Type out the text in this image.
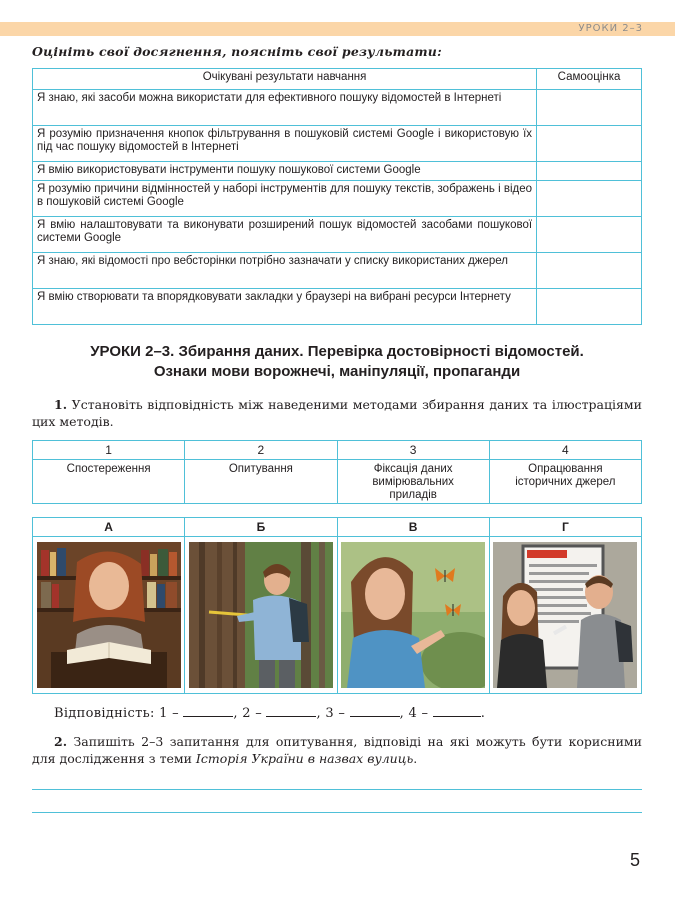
УРОКИ 2–3
Оцініть свої досягнення, поясніть свої результати:
Очікувані результати навчання	Самооцінка
Я знаю, які засоби можна використати для ефективного пошуку відомостей в Інтернеті	
Я розумію призначення кнопок фільтрування в пошуковій системі Google і використовую їх під час пошуку відомостей в Інтернеті	
Я вмію використовувати інструменти пошуку пошукової системи Google	
Я розумію причини відмінностей у наборі інструментів для пошуку текстів, зображень і відео в пошуковій системі Google	
Я вмію налаштовувати та виконувати розширений пошук відомостей засобами пошукової системи Google	
Я знаю, які відомості про вебсторінки потрібно зазначати у списку використаних джерел	
Я вмію створювати та впорядковувати закладки у браузері на вибрані ресурси Інтернету	
УРОКИ 2–3. Збирання даних. Перевірка достовірності відомостей.
Ознаки мови ворожнечі, маніпуляції, пропаганди
1. Установіть відповідність між наведеними методами збирання даних та ілюстраціями цих методів.
1	2	3	4
Спостереження	Опитування	Фіксація даних вимірювальних приладів	Опрацювання історичних джерел
А	Б	В	Г

Відповідність: 1 –	, 2 –	, 3 –	, 4 –	.
2. Запишіть 2–3 запитання для опитування, відповіді на які можуть бути корисними для дослідження з теми Історія України в назвах вулиць.
5
